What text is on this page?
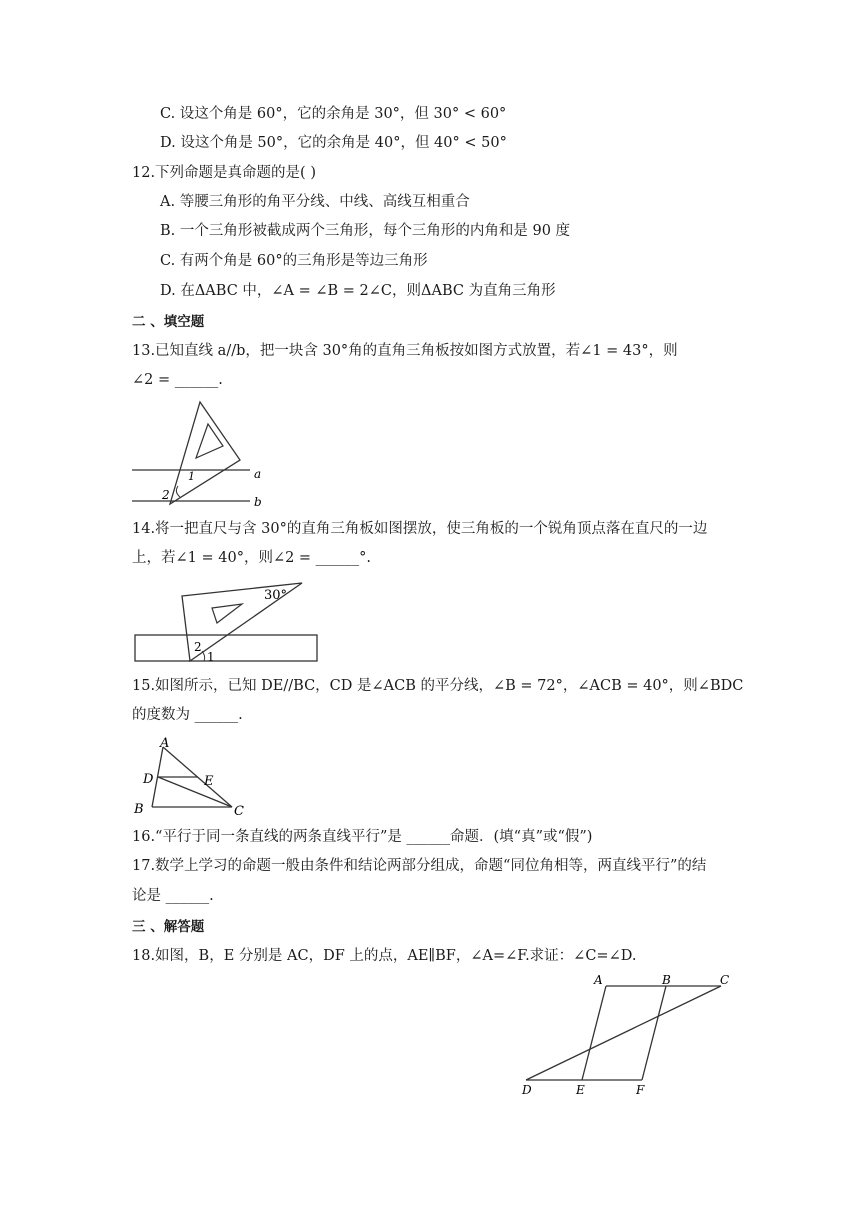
C. 设这个角是 60°，它的余角是 30°，但 30° < 60°
D. 设这个角是 50°，它的余角是 40°，但 40° < 50°
12.下列命题是真命题的是( )
A. 等腰三角形的角平分线、中线、高线互相重合
B. 一个三角形被截成两个三角形，每个三角形的内角和是 90 度
C. 有两个角是 60°的三角形是等边三角形
D. 在ΔABC 中，∠A = ∠B = 2∠C，则ΔABC 为直角三角形
二 、填空题
13.已知直线 a//b，把一块含 30°角的直角三角板按如图方式放置，若∠1 = 43°，则
∠2 = ______.
a
b
1
2
14.将一把直尺与含 30°的直角三角板如图摆放，使三角板的一个锐角顶点落在直尺的一边
上，若∠1 = 40°，则∠2 = ______°.
30°
1
2
15.如图所示，已知 DE//BC，CD 是∠ACB 的平分线，∠B = 72°，∠ACB = 40°，则∠BDC
的度数为 ______.
A
B	C
D	E
16.“平行于同一条直线的两条直线平行”是 ______命题．(填“真”或“假”)
17.数学上学习的命题一般由条件和结论两部分组成，命题“同位角相等，两直线平行”的结
论是 ______.
三 、解答题
18.如图，B，E 分别是 AC，DF 上的点，AE∥BF，∠A=∠F.求证：∠C=∠D.
A	B	C
D	E	F
